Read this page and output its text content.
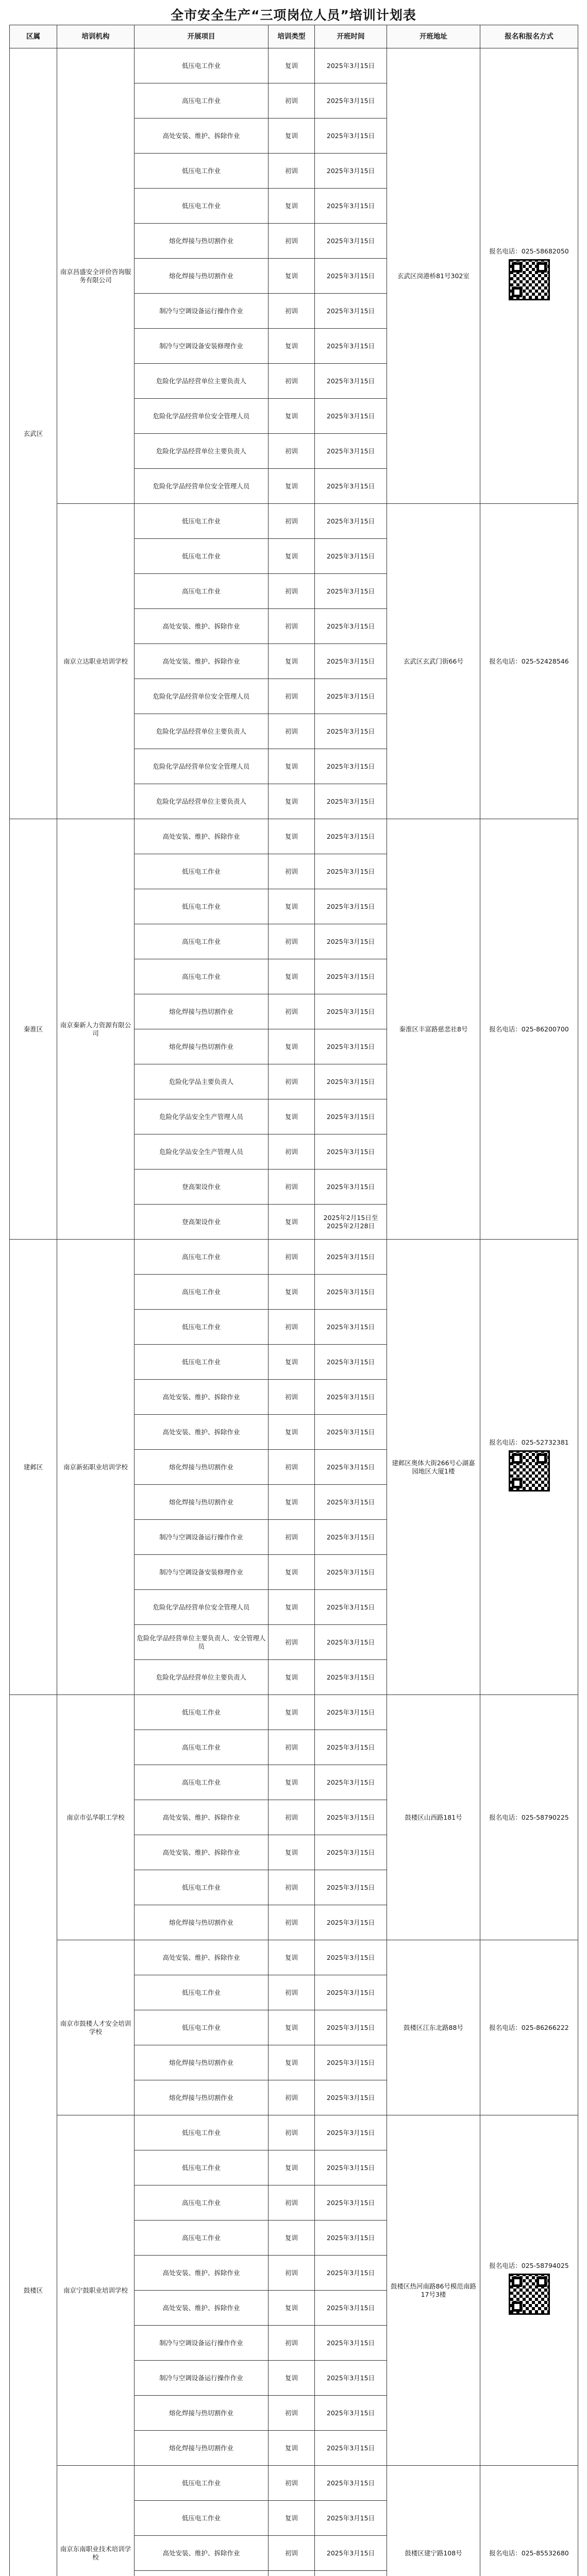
全市安全生产“三项岗位人员”培训计划表
区属	培训机构	开展项目	培训类型	开班时间	开班地址	报名和报名方式
玄武区	南京昌盛安全评价咨询服务有限公司	低压电工作业	复训	2025年3月15日	玄武区岗港桥81号302室	报名电话：025-58682050

		高压电工作业	初训	2025年3月15日		
		高处安装、维护、拆除作业	复训	2025年3月15日		
		低压电工作业	初训	2025年3月15日		
		低压电工作业	复训	2025年3月15日		
		熔化焊接与热切割作业	初训	2025年3月15日		
		熔化焊接与热切割作业	复训	2025年3月15日		
		制冷与空调设备运行操作作业	初训	2025年3月15日		
		制冷与空调设备安装修理作业	复训	2025年3月15日		
		危险化学品经营单位主要负责人	初训	2025年3月15日		
		危险化学品经营单位安全管理人员	复训	2025年3月15日		
		危险化学品经营单位主要负责人	初训	2025年3月15日		
		危险化学品经营单位安全管理人员	复训	2025年3月15日		
	南京立达职业培训学校	低压电工作业	初训	2025年3月15日	玄武区玄武门街66号	报名电话：025-52428546

		低压电工作业	复训	2025年3月15日		
		高压电工作业	初训	2025年3月15日		
		高处安装、维护、拆除作业	初训	2025年3月15日		
		高处安装、维护、拆除作业	复训	2025年3月15日		
		危险化学品经营单位安全管理人员	初训	2025年3月15日		
		危险化学品经营单位主要负责人	初训	2025年3月15日		
		危险化学品经营单位安全管理人员	复训	2025年3月15日		
		危险化学品经营单位主要负责人	复训	2025年3月15日		
秦淮区	南京秦新人力资源有限公司	高处安装、维护、拆除作业	复训	2025年3月15日	秦淮区丰富路慈悲社8号	报名电话：025-86200700

		低压电工作业	初训	2025年3月15日		
		低压电工作业	复训	2025年3月15日		
		高压电工作业	初训	2025年3月15日		
		高压电工作业	复训	2025年3月15日		
		熔化焊接与热切割作业	初训	2025年3月15日		
		熔化焊接与热切割作业	复训	2025年3月15日		
		危险化学品主要负责人	初训	2025年3月15日		
		危险化学品安全生产管理人员	复训	2025年3月15日		
		危险化学品安全生产管理人员	初训	2025年3月15日		
		登高架设作业	初训	2025年3月15日		
		登高架设作业	复训	2025年2月15日至2025年2月28日		
建邺区	南京新拓职业培训学校	高压电工作业	初训	2025年3月15日	建邺区奥体大街266号心湖嘉园地区大厦1楼	报名电话：025-52732381

		高压电工作业	复训	2025年3月15日		
		低压电工作业	初训	2025年3月15日		
		低压电工作业	复训	2025年3月15日		
		高处安装、维护、拆除作业	初训	2025年3月15日		
		高处安装、维护、拆除作业	复训	2025年3月15日		
		熔化焊接与热切割作业	初训	2025年3月15日		
		熔化焊接与热切割作业	复训	2025年3月15日		
		制冷与空调设备运行操作作业	初训	2025年3月15日		
		制冷与空调设备安装修理作业	复训	2025年3月15日		
		危险化学品经营单位安全管理人员	复训	2025年3月15日		
		危险化学品经营单位主要负责人、安全管理人员	初训	2025年3月15日		
		危险化学品经营单位主要负责人	复训	2025年3月15日		
鼓楼区	南京市弘华职工学校	低压电工作业	复训	2025年3月15日	鼓楼区山西路181号	报名电话：025-58790225

		高压电工作业	初训	2025年3月15日		
		高压电工作业	复训	2025年3月15日		
		高处安装、维护、拆除作业	初训	2025年3月15日		
		高处安装、维护、拆除作业	复训	2025年3月15日		
		低压电工作业	初训	2025年3月15日		
		熔化焊接与热切割作业	初训	2025年3月15日		
	南京市鼓楼人才安全培训学校	高处安装、维护、拆除作业	复训	2025年3月15日	鼓楼区江东北路88号	报名电话：025-86266222

		低压电工作业	初训	2025年3月15日		
		低压电工作业	复训	2025年3月15日		
		熔化焊接与热切割作业	复训	2025年3月15日		
		熔化焊接与热切割作业	初训	2025年3月15日		
	南京宁鼓职业培训学校	低压电工作业	初训	2025年3月15日	鼓楼区热河南路86号模范南路17号3楼	报名电话：025-58794025

		低压电工作业	复训	2025年3月15日		
		高压电工作业	初训	2025年3月15日		
		高压电工作业	复训	2025年3月15日		
		高处安装、维护、拆除作业	初训	2025年3月15日		
		高处安装、维护、拆除作业	复训	2025年3月15日		
		制冷与空调设备运行操作作业	初训	2025年3月15日		
		制冷与空调设备运行操作作业	复训	2025年3月15日		
		熔化焊接与热切割作业	初训	2025年3月15日		
		熔化焊接与热切割作业	复训	2025年3月15日		
	南京东南职业技术培训学校	低压电工作业	初训	2025年3月15日	鼓楼区建宁路108号	报名电话：025-85532680

		低压电工作业	复训	2025年3月15日		
		高处安装、维护、拆除作业	初训	2025年3月15日		
